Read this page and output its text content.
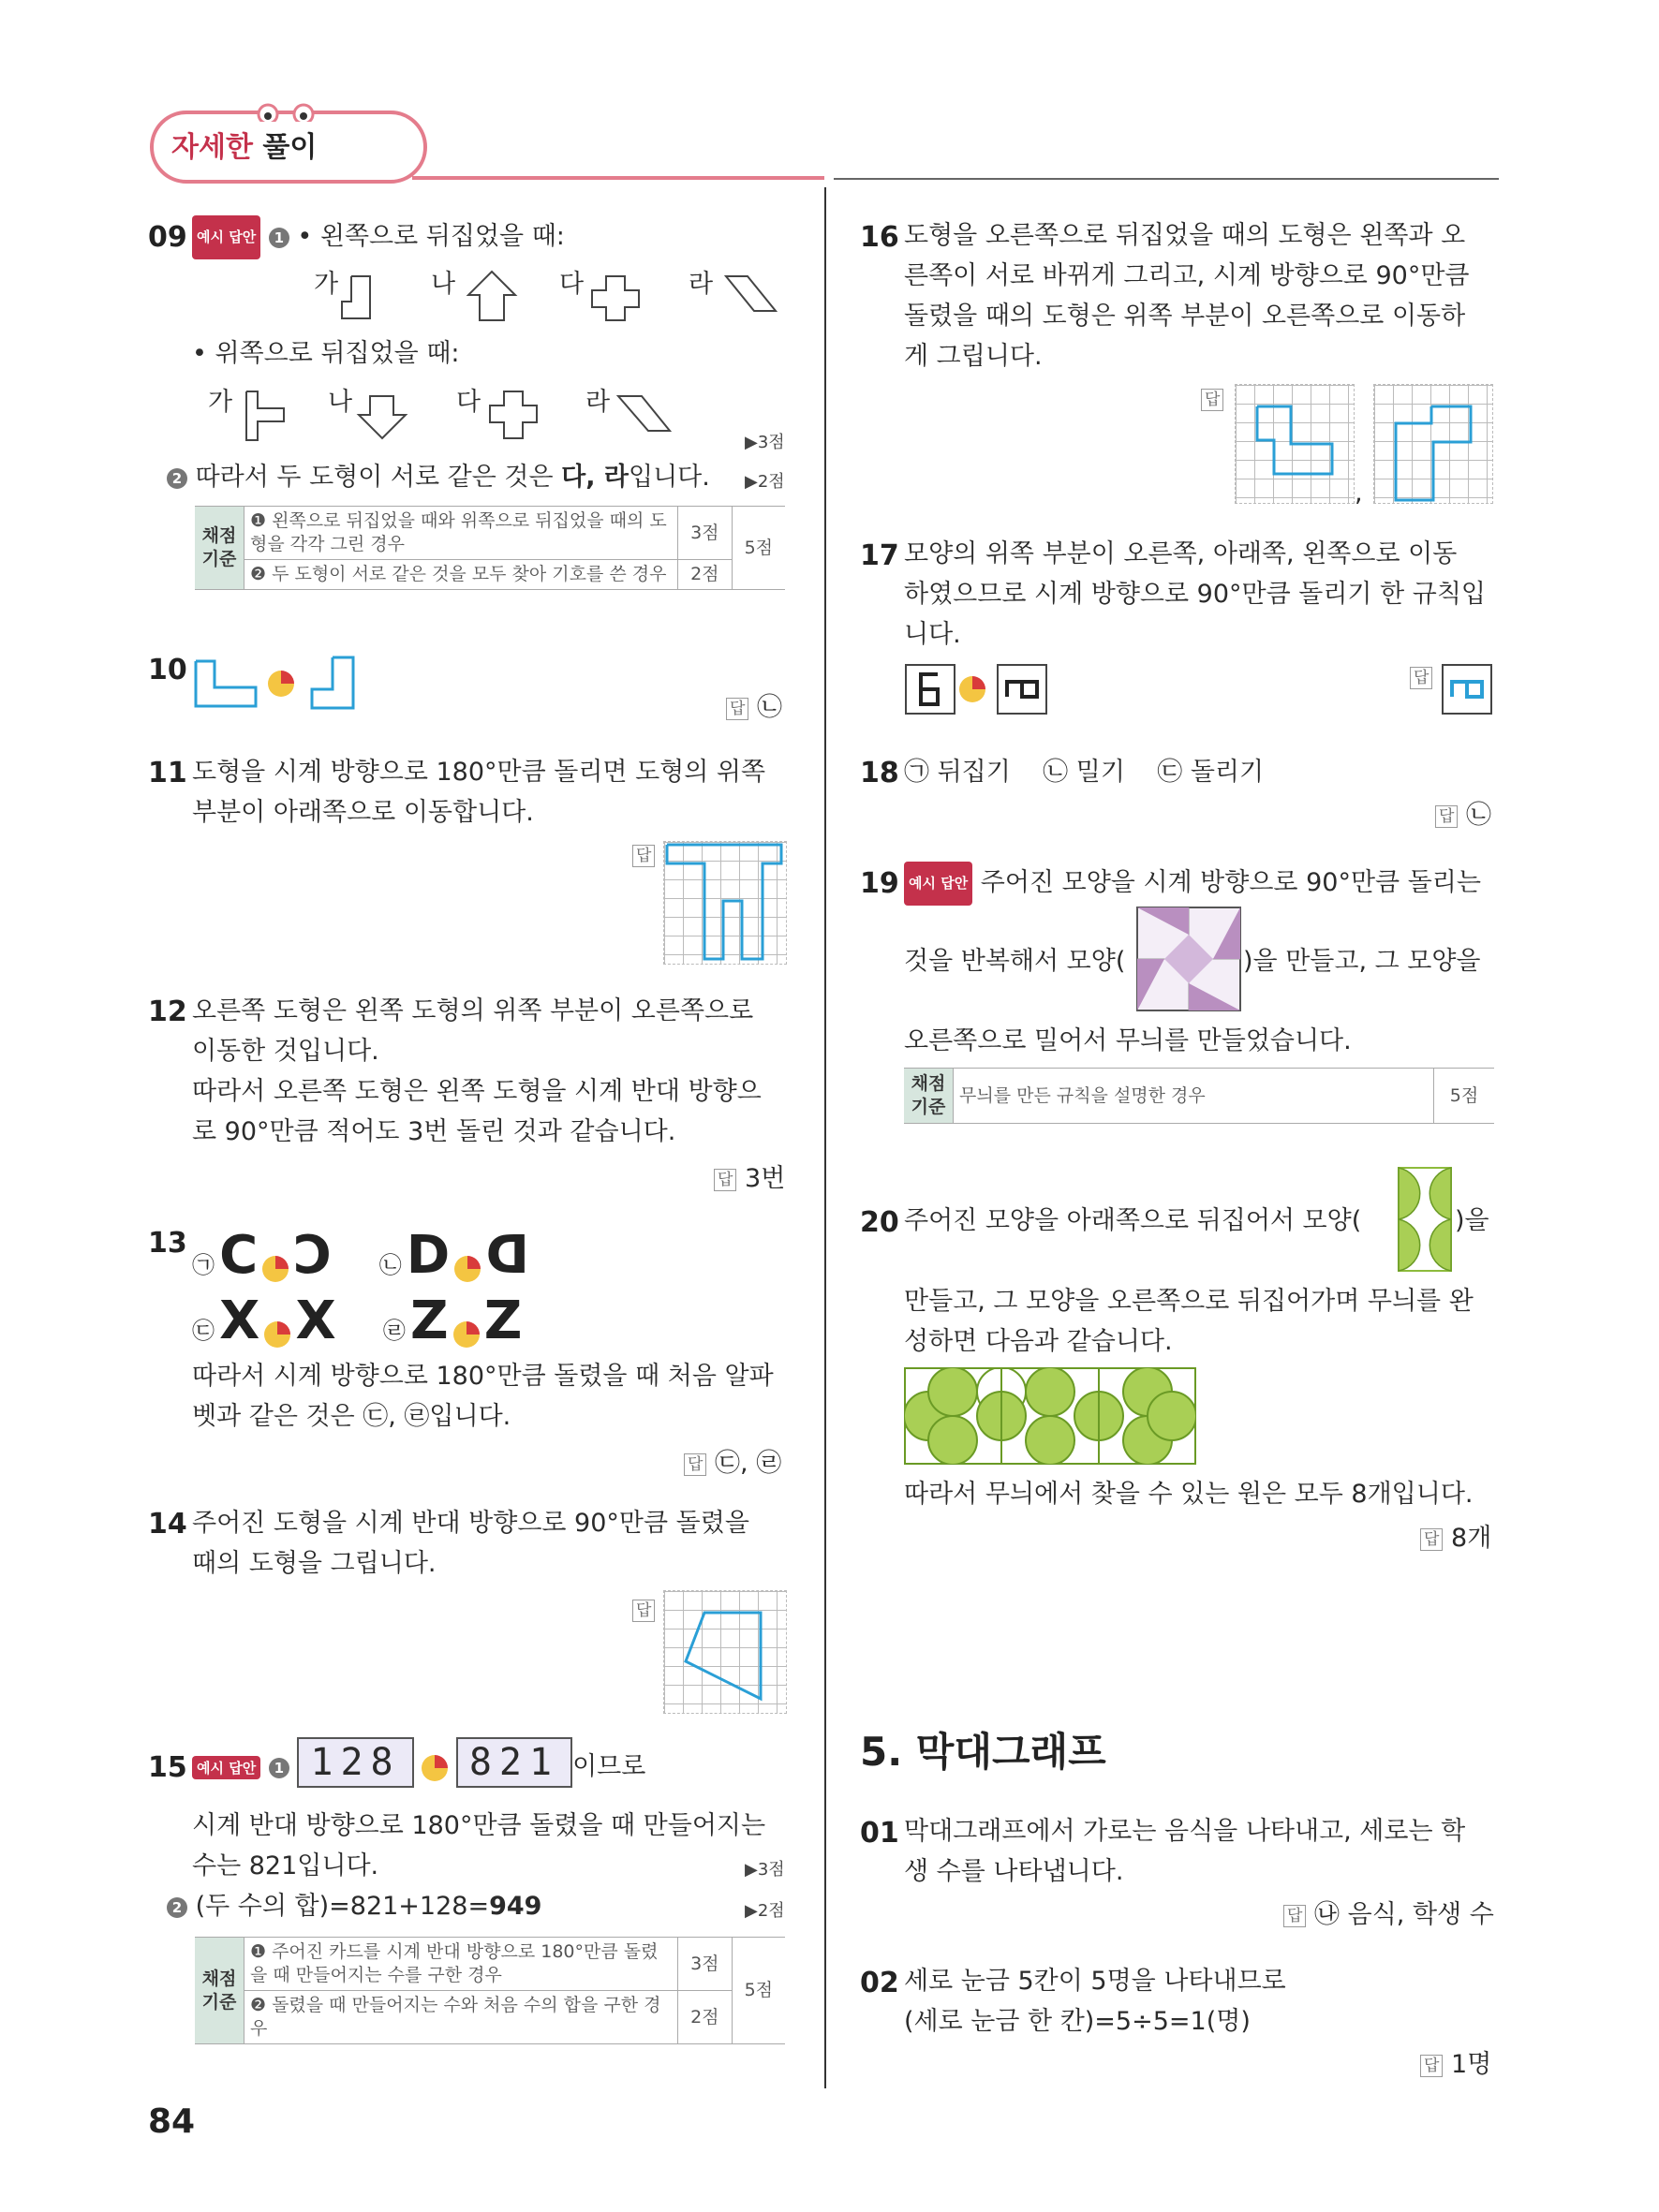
자세한 풀이
09 예시 답안 1 • 왼쪽으로 뒤집었을 때:
가	나	다	라
• 위쪽으로 뒤집었을 때:
가	나	다	라
▶3점
2 따라서 두 도형이 서로 같은 것은 다, 라입니다. ▶2점
채점 기준	❶ 왼쪽으로 뒤집었을 때와 위쪽으로 뒤집었을 때의 도형을 각각 그린 경우	3점	5점
	❷ 두 도형이 서로 같은 것을 모두 찾아 기호를 쓴 경우	2점	
10
답 ㉡
11 도형을 시계 방향으로 180°만큼 돌리면 도형의 위쪽
부분이 아래쪽으로 이동합니다.
답
12 오른쪽 도형은 왼쪽 도형의 위쪽 부분이 오른쪽으로
이동한 것입니다.
따라서 오른쪽 도형은 왼쪽 도형을 시계 반대 방향으
로 90°만큼 적어도 3번 돌린 것과 같습니다.
답 3번
13
㉠ C Ɔ ㉡ D ᗡ
㉢ X X ㉣ Z Z
따라서 시계 방향으로 180°만큼 돌렸을 때 처음 알파
벳과 같은 것은 ㉢, ㉣입니다.
답 ㉢, ㉣
14 주어진 도형을 시계 반대 방향으로 90°만큼 돌렸을
때의 도형을 그립니다.
답
15 예시 답안 1 128 821 이므로
시계 반대 방향으로 180°만큼 돌렸을 때 만들어지는
수는 821입니다.	▶3점
2 (두 수의 합)=821+128=949	▶2점
채점 기준	❶ 주어진 카드를 시계 반대 방향으로 180°만큼 돌렸을 때 만들어지는 수를 구한 경우	3점	5점
	❷ 돌렸을 때 만들어지는 수와 처음 수의 합을 구한 경우	2점	
84
16 도형을 오른쪽으로 뒤집었을 때의 도형은 왼쪽과 오
른쪽이 서로 바뀌게 그리고, 시계 방향으로 90°만큼
돌렸을 때의 도형은 위쪽 부분이 오른쪽으로 이동하
게 그립니다.
답
,
17 모양의 위쪽 부분이 오른쪽, 아래쪽, 왼쪽으로 이동
하였으므로 시계 방향으로 90°만큼 돌리기 한 규칙입
니다.
답
18 ㉠ 뒤집기    ㉡ 밀기    ㉢ 돌리기
답 ㉡
19 예시 답안 주어진 모양을 시계 방향으로 90°만큼 돌리는
것을 반복해서 모양(	)을 만들고, 그 모양을
오른쪽으로 밀어서 무늬를 만들었습니다.
채점 기준	무늬를 만든 규칙을 설명한 경우	5점
20 주어진 모양을 아래쪽으로 뒤집어서 모양(	)을
만들고, 그 모양을 오른쪽으로 뒤집어가며 무늬를 완
성하면 다음과 같습니다.
따라서 무늬에서 찾을 수 있는 원은 모두 8개입니다.
답 8개
5. 막대그래프
01 막대그래프에서 가로는 음식을 나타내고, 세로는 학
생 수를 나타냅니다.
답 ㉯ 음식, 학생 수
02 세로 눈금 5칸이 5명을 나타내므로
(세로 눈금 한 칸)=5÷5=1(명)
답 1명
